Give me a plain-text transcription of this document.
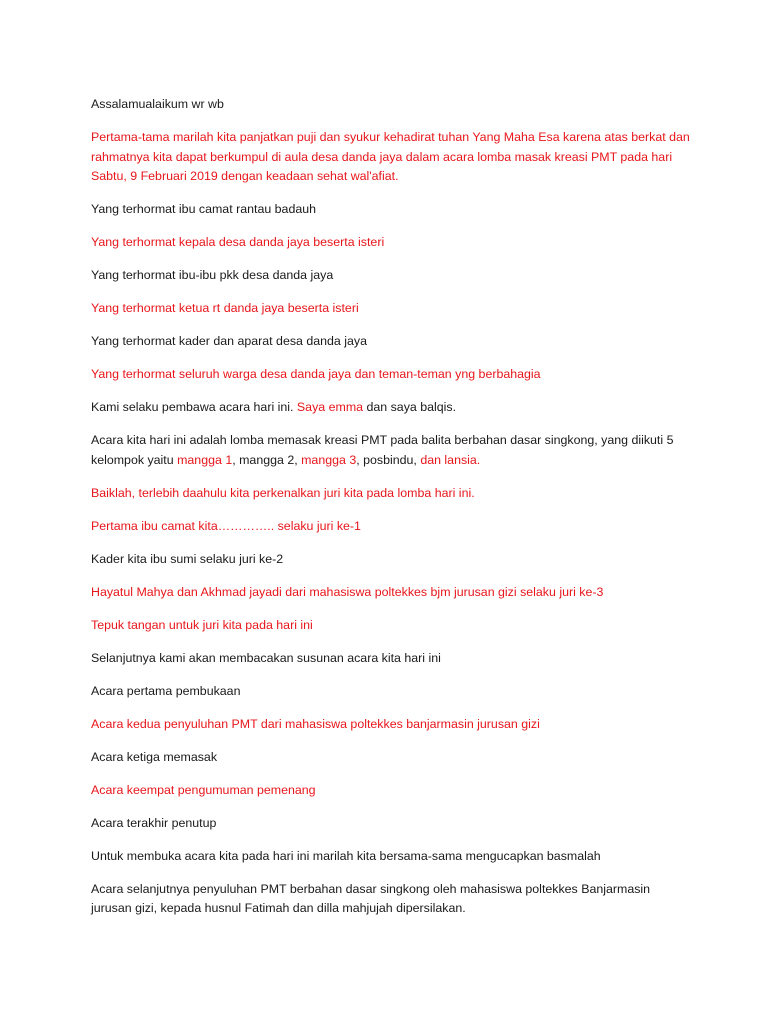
Assalamualaikum wr wb

Pertama-tama marilah kita panjatkan puji dan syukur kehadirat tuhan Yang Maha Esa karena atas berkat dan rahmatnya kita dapat berkumpul di aula desa danda jaya dalam acara lomba masak kreasi PMT pada hari Sabtu, 9 Februari 2019 dengan keadaan sehat wal'afiat.

Yang terhormat ibu camat rantau badauh

Yang terhormat kepala desa danda jaya beserta isteri

Yang terhormat ibu-ibu pkk desa danda jaya

Yang terhormat ketua rt danda jaya beserta isteri

Yang terhormat kader dan aparat desa danda jaya

Yang terhormat seluruh warga desa danda jaya dan teman-teman yng berbahagia

Kami selaku pembawa acara hari ini. Saya emma dan saya balqis.

Acara kita hari ini adalah lomba memasak kreasi PMT pada balita berbahan dasar singkong, yang diikuti 5 kelompok yaitu mangga 1, mangga 2, mangga 3, posbindu, dan lansia.

Baiklah, terlebih daahulu kita perkenalkan juri kita pada lomba hari ini.

Pertama ibu camat kita………….. selaku juri ke-1

Kader kita ibu sumi selaku juri ke-2

Hayatul Mahya dan Akhmad jayadi dari mahasiswa poltekkes bjm jurusan gizi selaku juri ke-3

Tepuk tangan untuk juri kita pada hari ini

Selanjutnya kami akan membacakan susunan acara kita hari ini

Acara pertama pembukaan

Acara kedua penyuluhan PMT dari mahasiswa poltekkes banjarmasin jurusan gizi

Acara ketiga memasak

Acara keempat pengumuman pemenang

Acara terakhir penutup

Untuk membuka acara kita pada hari ini marilah kita bersama-sama mengucapkan basmalah

Acara selanjutnya penyuluhan PMT berbahan dasar singkong oleh mahasiswa poltekkes Banjarmasin jurusan gizi, kepada husnul Fatimah dan dilla mahjujah dipersilakan.
